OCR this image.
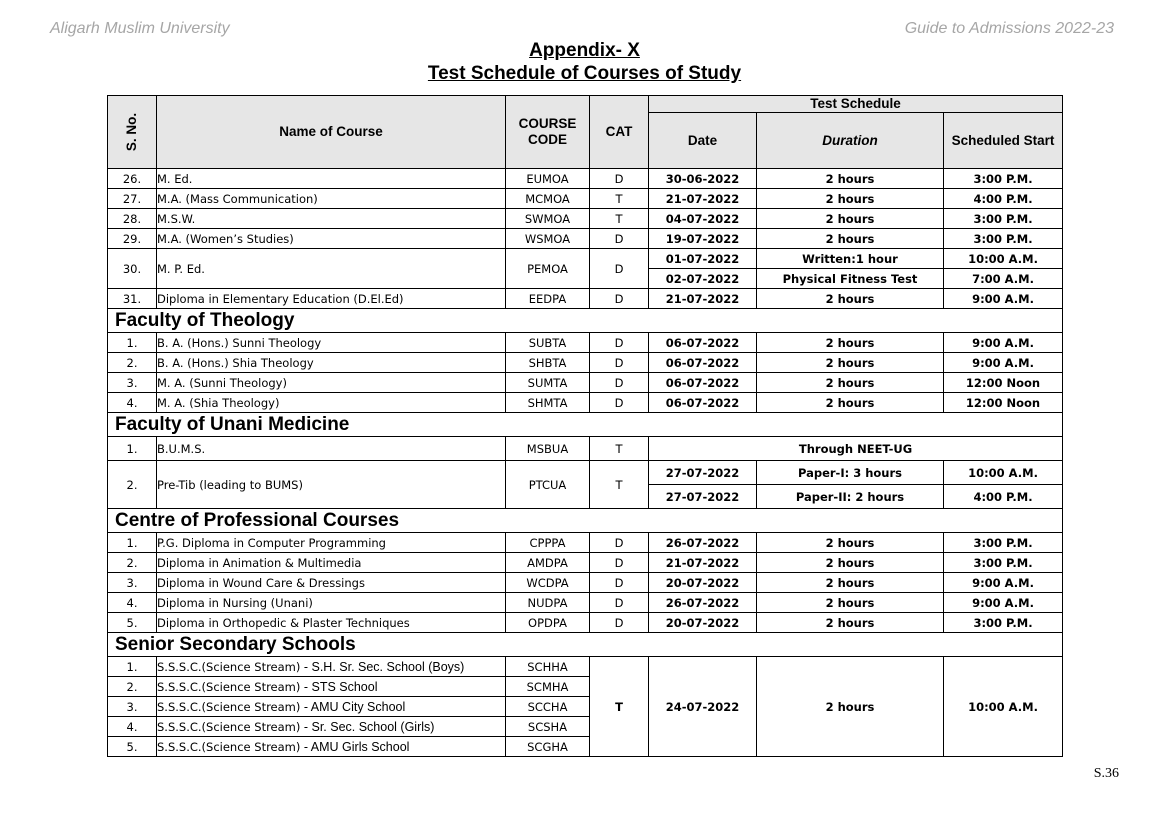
Aligarh Muslim University	Guide to Admissions 2022-23
Appendix- X
Test Schedule of Courses of Study
S. No.	Name of Course	COURSE CODE	CAT	Test Schedule		
				Date	Duration	Scheduled Start
26.	M. Ed.	EUMOA	D	30-06-2022	2 hours	3:00 P.M.
27.	M.A. (Mass Communication)	MCMOA	T	21-07-2022	2 hours	4:00 P.M.
28.	M.S.W.	SWMOA	T	04-07-2022	2 hours	3:00 P.M.
29.	M.A. (Women’s Studies)	WSMOA	D	19-07-2022	2 hours	3:00 P.M.
30.	M. P. Ed.	PEMOA	D	01-07-2022	Written:1 hour	10:00 A.M.
				02-07-2022	Physical Fitness Test	7:00 A.M.
31.	Diploma in Elementary Education (D.El.Ed)	EEDPA	D	21-07-2022	2 hours	9:00 A.M.
Faculty of Theology						
1.	B. A. (Hons.) Sunni Theology	SUBTA	D	06-07-2022	2 hours	9:00 A.M.
2.	B. A. (Hons.) Shia Theology	SHBTA	D	06-07-2022	2 hours	9:00 A.M.
3.	M. A. (Sunni Theology)	SUMTA	D	06-07-2022	2 hours	12:00 Noon
4.	M. A. (Shia Theology)	SHMTA	D	06-07-2022	2 hours	12:00 Noon
Faculty of Unani Medicine						
1.	B.U.M.S.	MSBUA	T	Through NEET-UG		
2.	Pre-Tib (leading to BUMS)	PTCUA	T	27-07-2022	Paper-I: 3 hours	10:00 A.M.
				27-07-2022	Paper-II: 2 hours	4:00 P.M.
Centre of Professional Courses						
1.	P.G. Diploma in Computer Programming	CPPPA	D	26-07-2022	2 hours	3:00 P.M.
2.	Diploma in Animation & Multimedia	AMDPA	D	21-07-2022	2 hours	3:00 P.M.
3.	Diploma in Wound Care & Dressings	WCDPA	D	20-07-2022	2 hours	9:00 A.M.
4.	Diploma in Nursing (Unani)	NUDPA	D	26-07-2022	2 hours	9:00 A.M.
5.	Diploma in Orthopedic & Plaster Techniques	OPDPA	D	20-07-2022	2 hours	3:00 P.M.
Senior Secondary Schools						
1.	S.S.S.C.(Science Stream) - S.H. Sr. Sec. School (Boys)	SCHHA	T	24-07-2022	2 hours	10:00 A.M.
2.	S.S.S.C.(Science Stream) - STS School	SCMHA				
3.	S.S.S.C.(Science Stream) - AMU City School	SCCHA				
4.	S.S.S.C.(Science Stream) - Sr. Sec. School (Girls)	SCSHA				
5.	S.S.S.C.(Science Stream) - AMU Girls School	SCGHA				
S.36
